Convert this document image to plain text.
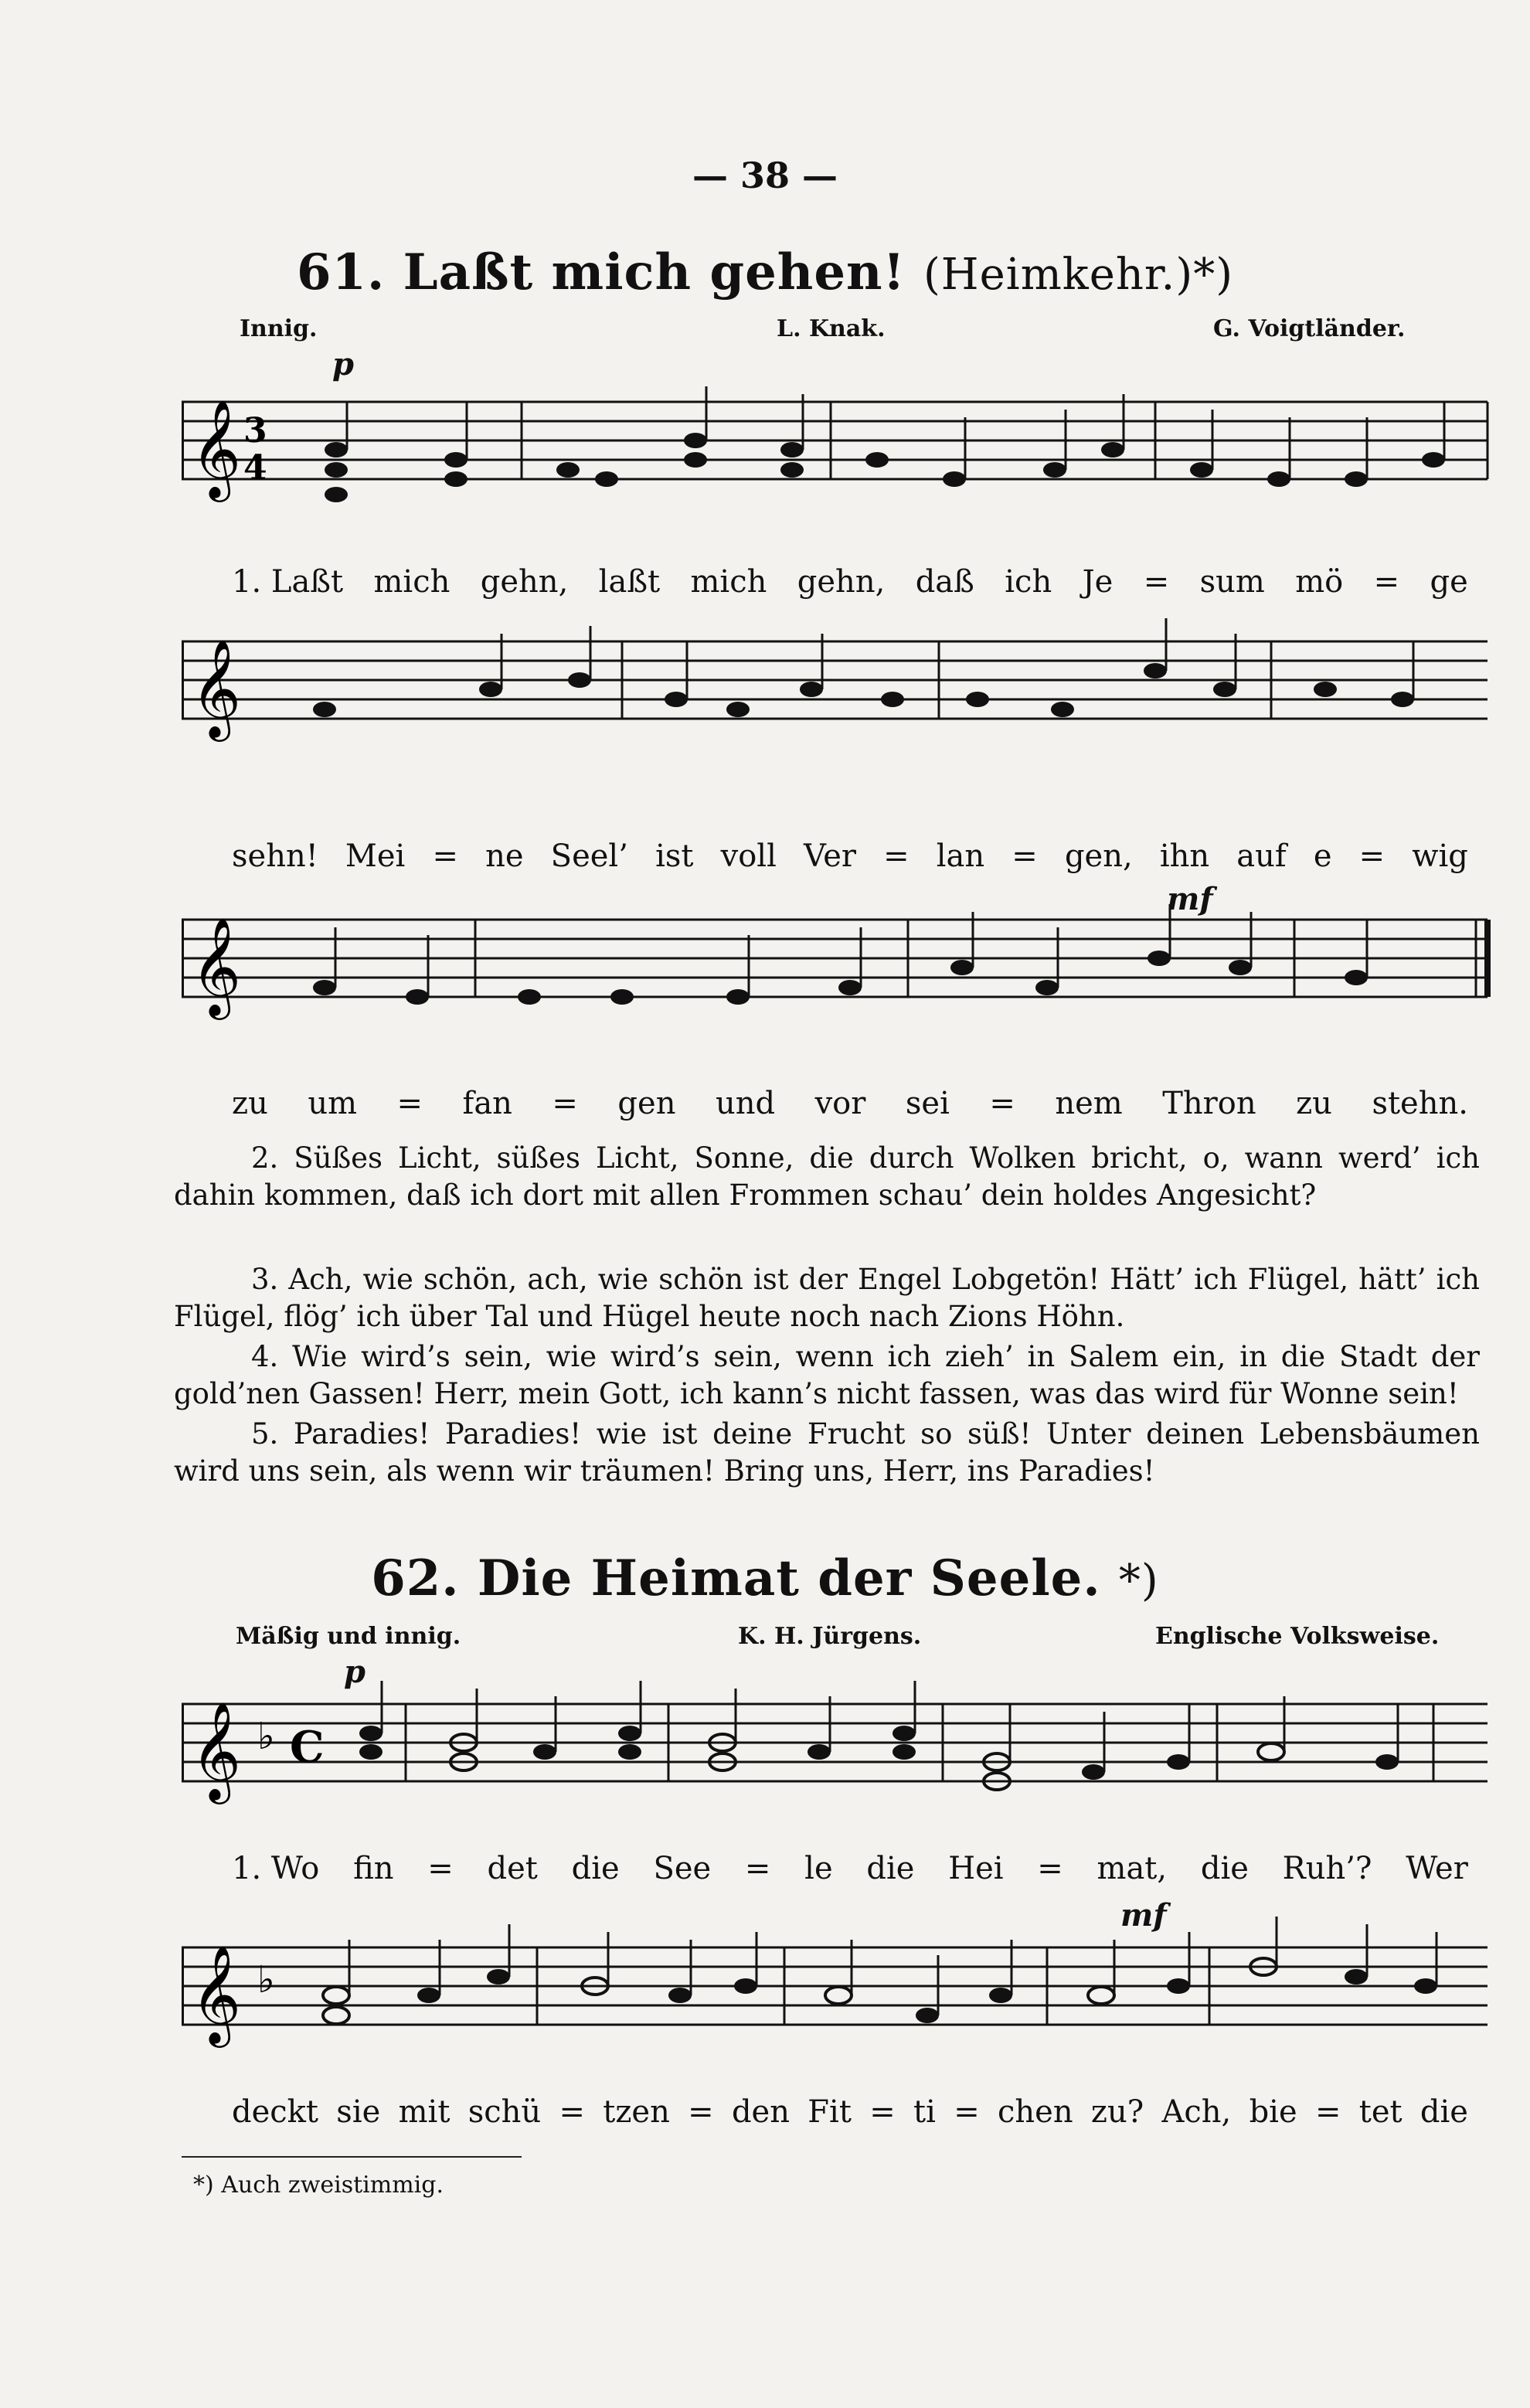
— 38 —
61. Laßt mich gehen! (Heimkehr.)*)
Innig.	L. Knak.	G. Voigtländer.
p
𝄞 3
4
1. Laßt mich gehn, laßt mich gehn, daß ich Je = sum mö = ge
𝄞
sehn! Mei = ne Seel’ ist voll Ver = lan = gen, ihn auf e = wig
mf
𝄞
zu um = fan = gen und vor sei = nem Thron zu stehn.
2. Süßes Licht, süßes Licht, Sonne, die durch Wolken bricht, o, wann werd’ ich dahin kommen, daß ich dort mit allen Frommen schau’ dein holdes Angesicht?
3. Ach, wie schön, ach, wie schön ist der Engel Lobgetön! Hätt’ ich Flügel, hätt’ ich Flügel, flög’ ich über Tal und Hügel heute noch nach Zions Höhn.
4. Wie wird’s sein, wie wird’s sein, wenn ich zieh’ in Salem ein, in die Stadt der gold’nen Gassen! Herr, mein Gott, ich kann’s nicht fassen, was das wird für Wonne sein!
5. Paradies! Paradies! wie ist deine Frucht so süß! Unter deinen Lebensbäumen wird uns sein, als wenn wir träumen! Bring uns, Herr, ins Paradies!
62. Die Heimat der Seele. *)
Mäßig und innig.	K. H. Jürgens.	Englische Volksweise.
p
𝄞 ♭ C
1. Wo fin = det die See = le die Hei = mat, die Ruh’? Wer
mf
𝄞 ♭
deckt sie mit schü = tzen = den Fit = ti = chen zu? Ach, bie = tet die
*) Auch zweistimmig.
